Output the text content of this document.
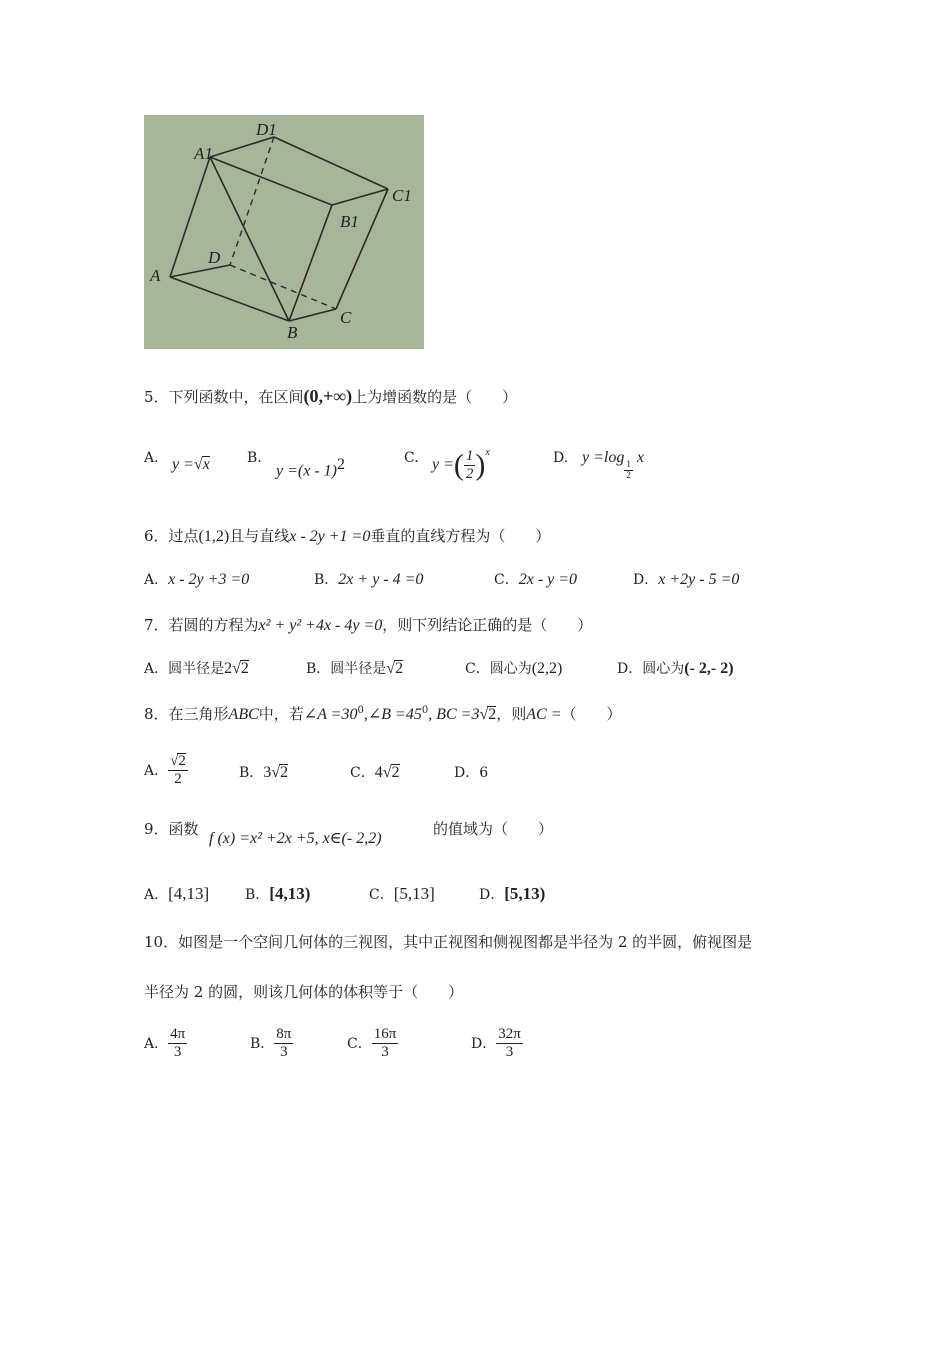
D1
A1
C1
B1
D
A
B
C
5．下列函数中，在区间(0,+∞)上为增函数的是（　　）
A. y =√x	B.
y =(x - 1)$^2$	C. y =( $\frac{1}{2} )^x$	D. y =log
$\frac{1}{2}$
x
6．过点(1,2)且与直线x - 2y +1 =0垂直的直线方程为（　　）
A．x - 2y +3 =0	B．2x + y - 4 =0	C．2x - y =0	D．x +2y - 5 =0
7．若圆的方程为x² + y² +4x - 4y =0，则下列结论正确的是（　　）
A．圆半径是2√2	B．圆半径是√2	C．圆心为(2,2)	D．圆心为(- 2,- 2)
8．在三角形ABC中，若∠A $=30^0,\angle B =45^0$, BC =3√2，则AC =（　　）
A． $\frac{√2}{2}$	B．3√2	C．4√2	D．6
9．函数
f (x) =x² +2x +5, x∈(- 2,2)
的值域为（　　）
A．[4,13]	B．[4,13)	C．[5,13]	D．[5,13)
10．如图是一个空间几何体的三视图，其中正视图和侧视图都是半径为 2 的半圆，俯视图是
半径为 2 的圆，则该几何体的体积等于（　　）
A． $\frac{4\pi}{3}$	B． $\frac{8\pi}{3}$	C． $\frac{16\pi}{3}$	D． $\frac{32\pi}{3}$
